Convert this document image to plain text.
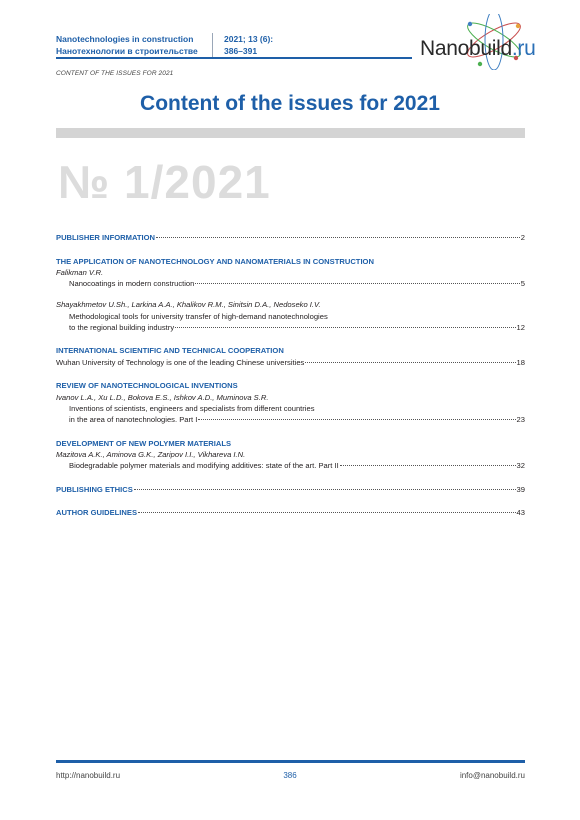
Nanotechnologies in construction
Нанотехнологии в строительстве
2021; 13 (6):
386–391	Nanobuild.ru
CONTENT OF THE ISSUES FOR 2021
Content of the issues for 2021
№ 1/2021
PUBLISHER INFORMATION	2
THE APPLICATION OF NANOTECHNOLOGY AND NANOMATERIALS IN CONSTRUCTION
Falikman V.R.
Nanocoatings in modern construction	5
Shayakhmetov U.Sh., Larkina A.A., Khalikov R.M., Sinitsin D.A., Nedoseko I.V.
Methodological tools for university transfer of high-demand nanotechnologies
to the regional building industry	12
INTERNATIONAL SCIENTIFIC AND TECHNICAL COOPERATION
Wuhan University of Technology is one of the leading Chinese universities	18
REVIEW OF NANOTECHNOLOGICAL INVENTIONS
Ivanov L.A., Xu L.D., Bokova E.S., Ishkov A.D., Muminova S.R.
Inventions of scientists, engineers and specialists from different countries
in the area of nanotechnologies. Part I	23
DEVELOPMENT OF NEW POLYMER MATERIALS
Mazitova A.K., Aminova G.K., Zaripov I.I., Vikhareva I.N.
Biodegradable polymer materials and modifying additives: state of the art. Part II	32
PUBLISHING ETHICS	39
AUTHOR GUIDELINES	43
http://nanobuild.ru	386	info@nanobuild.ru
